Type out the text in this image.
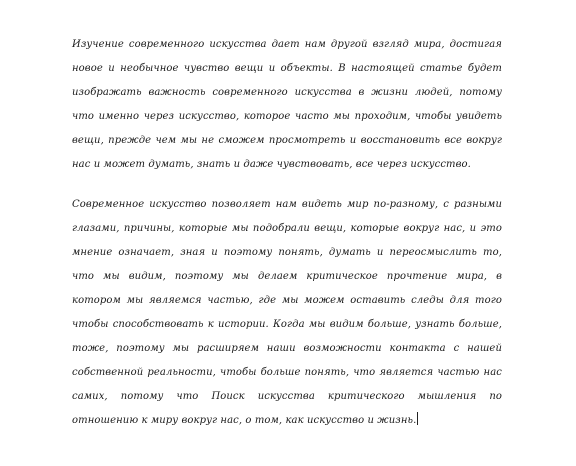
Изучение современного искусства дает нам другой взгляд мира, достигая новое и необычное чувство вещи и объекты. В настоящей статье будет изображать важность современного искусства в жизни людей, потому что именно через искусство, которое часто мы проходим, чтобы увидеть вещи, прежде чем мы не сможем просмотреть и восстановить все вокруг нас и может думать, знать и даже чувствовать, все через искусство.

Современное искусство позволяет нам видеть мир по-разному, с разными глазами, причины, которые мы подобрали вещи, которые вокруг нас, и это мнение означает, зная и поэтому понять, думать и переосмыслить то, что мы видим, поэтому мы делаем критическое прочтение мира, в котором мы являемся частью, где мы можем оставить следы для того чтобы способствовать к истории. Когда мы видим больше, узнать больше, тоже, поэтому мы расширяем наши возможности контакта с нашей собственной реальности, чтобы больше понять, что является частью нас самих, потому что Поиск искусства критического мышления по отношению к миру вокруг нас, о том, как искусство и жизнь.
